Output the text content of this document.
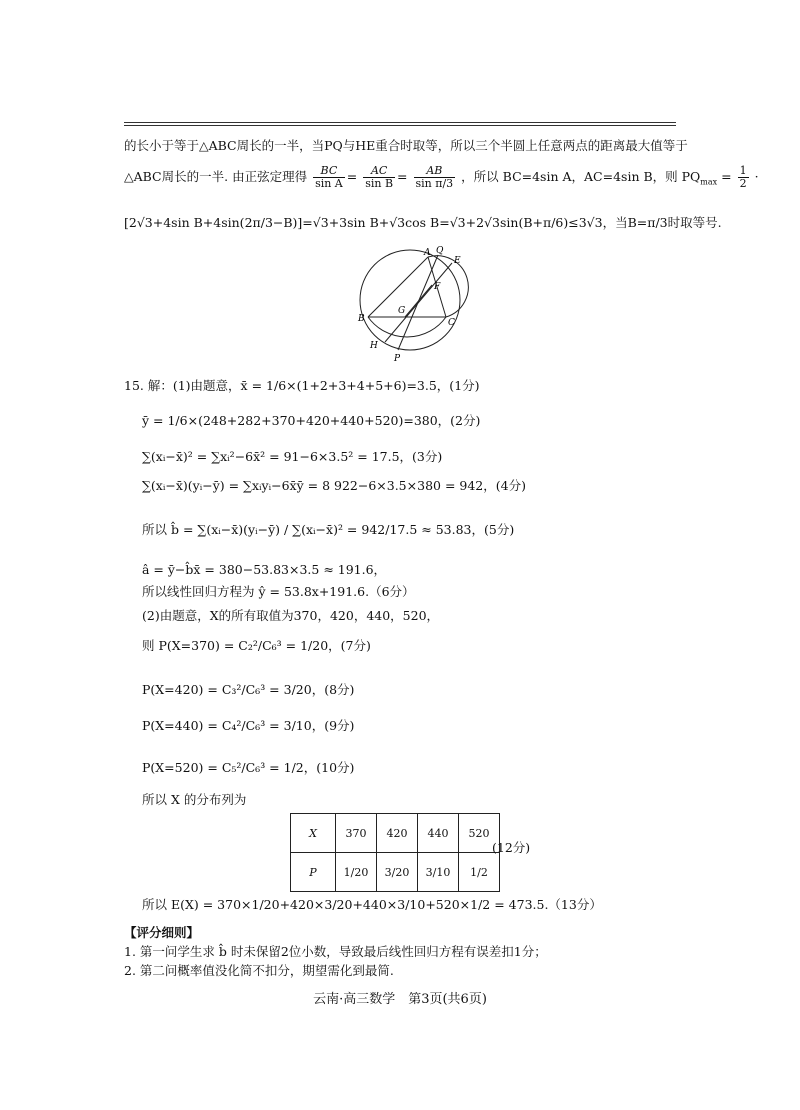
的长小于等于△ABC周长的一半，当PQ与HE重合时取等，所以三个半圆上任意两点的距离最大值等于
△ABC周长的一半. 由正弦定理得 $\frac{BC}{\text{sin A}} = \frac{AC}{\text{sin B}} = \frac{AB}{\text{sin π/3}}$ ，所以 BC=4sin A，AC=4sin B，则 $PQ_{max} = \frac{1}{2}$ ·
[2√3+4sin B+4sin(2π/3−B)]=√3+3sin B+√3cos B=√3+2√3sin(B+π/6)≤3√3，当B=π/3时取等号.
A Q
E
F
G
B	C
H
P
15. 解：(1)由题意，x̄ = 1/6×(1+2+3+4+5+6)=3.5，(1分)
ȳ = 1/6×(248+282+370+420+440+520)=380，(2分)
∑(xᵢ−x̄)² = ∑xᵢ²−6x̄² = 91−6×3.5² = 17.5，(3分)
∑(xᵢ−x̄)(yᵢ−ȳ) = ∑xᵢyᵢ−6x̄ȳ = 8 922−6×3.5×380 = 942，(4分)
所以 b̂ = ∑(xᵢ−x̄)(yᵢ−ȳ) / ∑(xᵢ−x̄)² = 942/17.5 ≈ 53.83，(5分)
â = ȳ−b̂x̄ = 380−53.83×3.5 ≈ 191.6，
所以线性回归方程为 ŷ = 53.8x+191.6.（6分）
(2)由题意，X的所有取值为370，420，440，520，
则 P(X=370) = C₂²/C₆³ = 1/20，(7分)
P(X=420) = C₃²/C₆³ = 3/20，(8分)
P(X=440) = C₄²/C₆³ = 3/10，(9分)
P(X=520) = C₅²/C₆³ = 1/2，(10分)
所以 X 的分布列为
X	370	420	440	520
P	1/20	3/20	3/10	1/2
(12分)
所以 E(X) = 370×1/20+420×3/20+440×3/10+520×1/2 = 473.5.（13分）
【评分细则】
1. 第一问学生求 b̂ 时未保留2位小数，导致最后线性回归方程有误差扣1分；
2. 第二问概率值没化简不扣分，期望需化到最简.
云南·高三数学　第3页(共6页)
